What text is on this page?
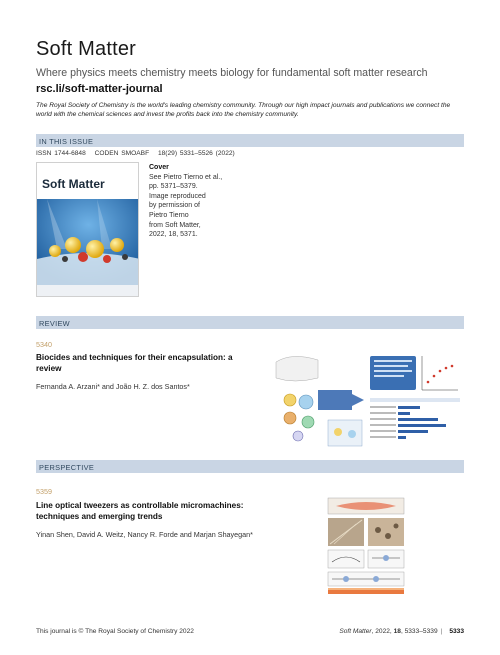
Soft Matter
Where physics meets chemistry meets biology for fundamental soft matter research
rsc.li/soft-matter-journal
The Royal Society of Chemistry is the world's leading chemistry community. Through our high impact journals and publications we connect the world with the chemical sciences and invest the profits back into the chemistry community.
IN THIS ISSUE
ISSN 1744-6848 CODEN SMOABF 18(29) 5331–5526 (2022)
Soft Matter
Cover
See Pietro Tierno et al.,
pp. 5371–5379.
Image reproduced
by permission of
Pietro Tierno
from Soft Matter,
2022, 18, 5371.
REVIEW
5340
Biocides and techniques for their encapsulation: a review
Fernanda A. Arzani* and João H. Z. dos Santos*
PERSPECTIVE
5359
Line optical tweezers as controllable micromachines: techniques and emerging trends
Yinan Shen, David A. Weitz, Nancy R. Forde and Marjan Shayegan*
This journal is © The Royal Society of Chemistry 2022	Soft Matter, 2022, 18, 5333–5339 | 5333
